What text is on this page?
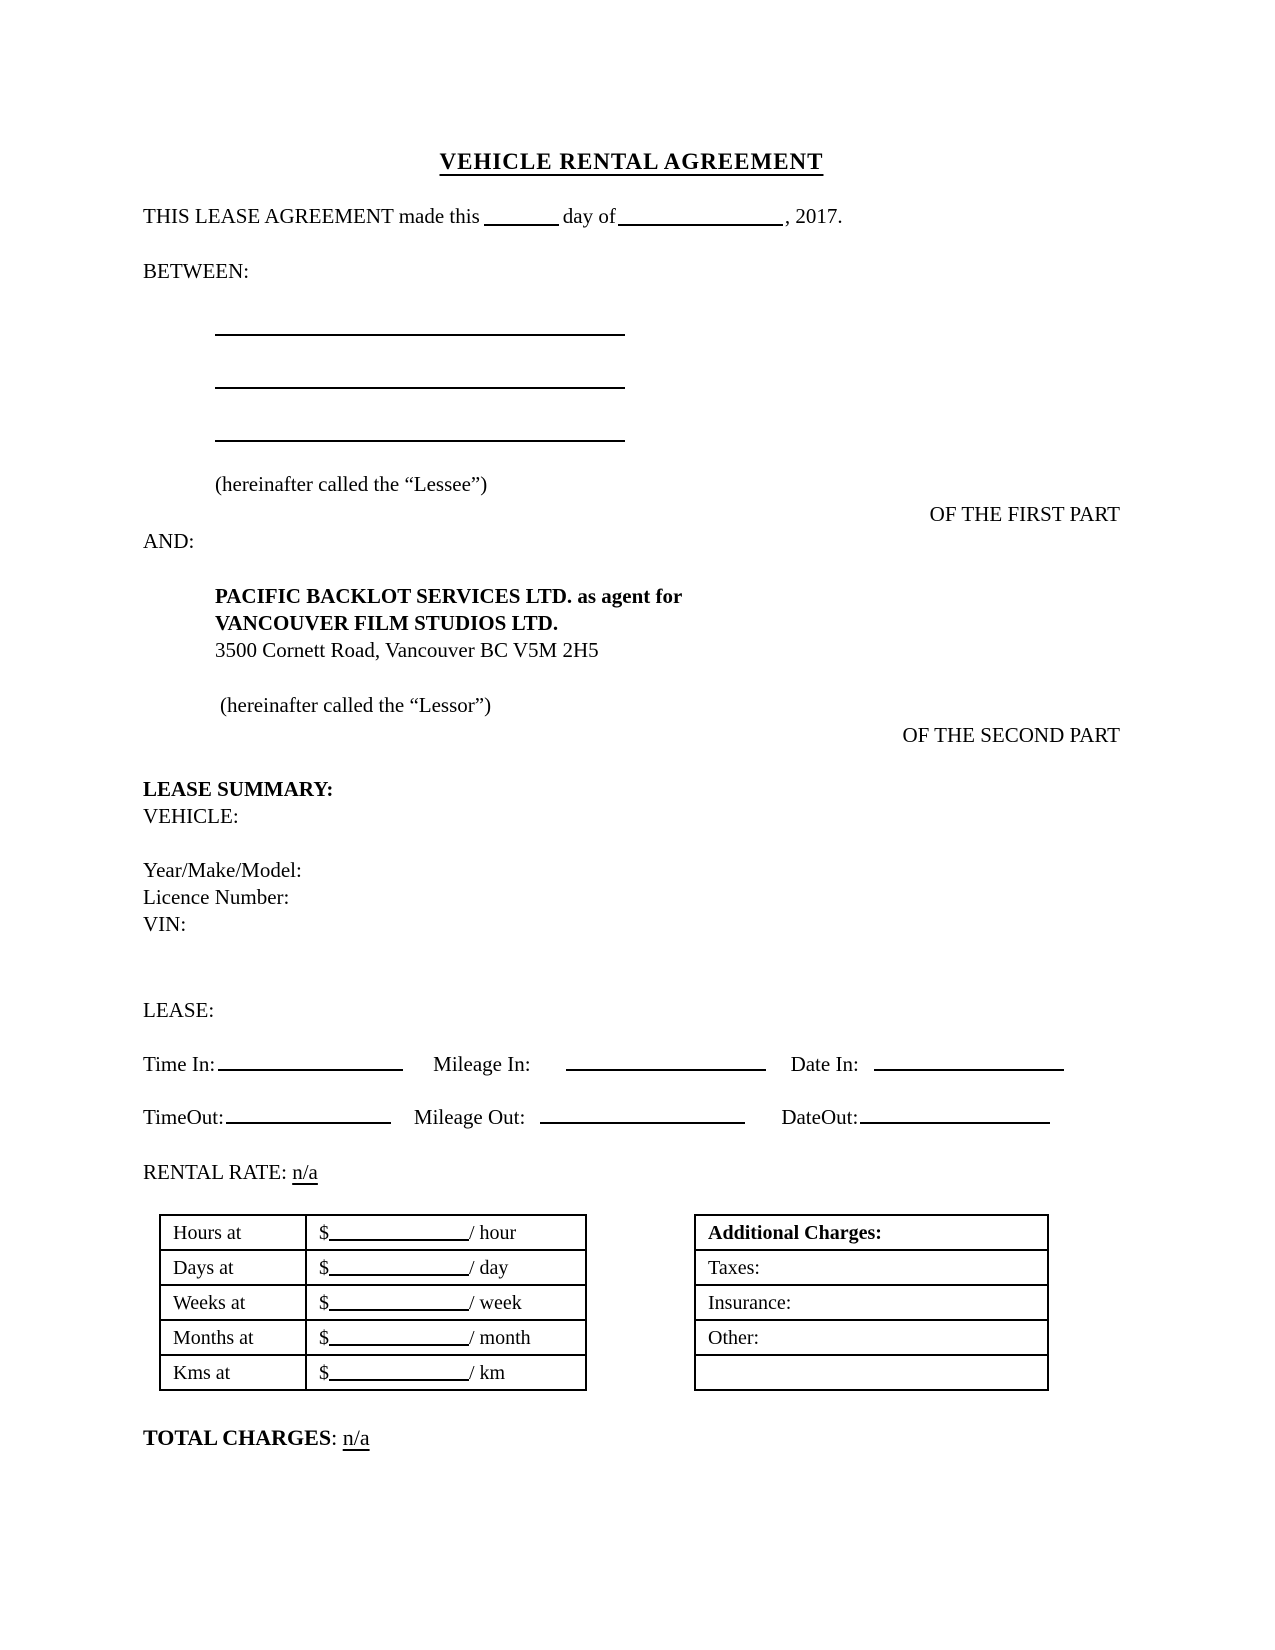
VEHICLE RENTAL AGREEMENT
THIS LEASE AGREEMENT made this	day of	, 2017.
BETWEEN:
(hereinafter called the “Lessee”)
OF THE FIRST PART
AND:
PACIFIC BACKLOT SERVICES LTD. as agent for
VANCOUVER FILM STUDIOS LTD.
3500 Cornett Road, Vancouver BC V5M 2H5
(hereinafter called the “Lessor”)
OF THE SECOND PART
LEASE SUMMARY:
VEHICLE:
Year/Make/Model:
Licence Number:
VIN:
LEASE:
Time In:	Mileage In:	Date In:
TimeOut:	Mileage Out:	DateOut:
RENTAL RATE: n/a
Hours at	$ / hour
Days at	$ / day
Weeks at	$ / week
Months at	$ / month
Kms at	$ / km
Additional Charges:
Taxes:
Insurance:
Other:

TOTAL CHARGES: n/a
